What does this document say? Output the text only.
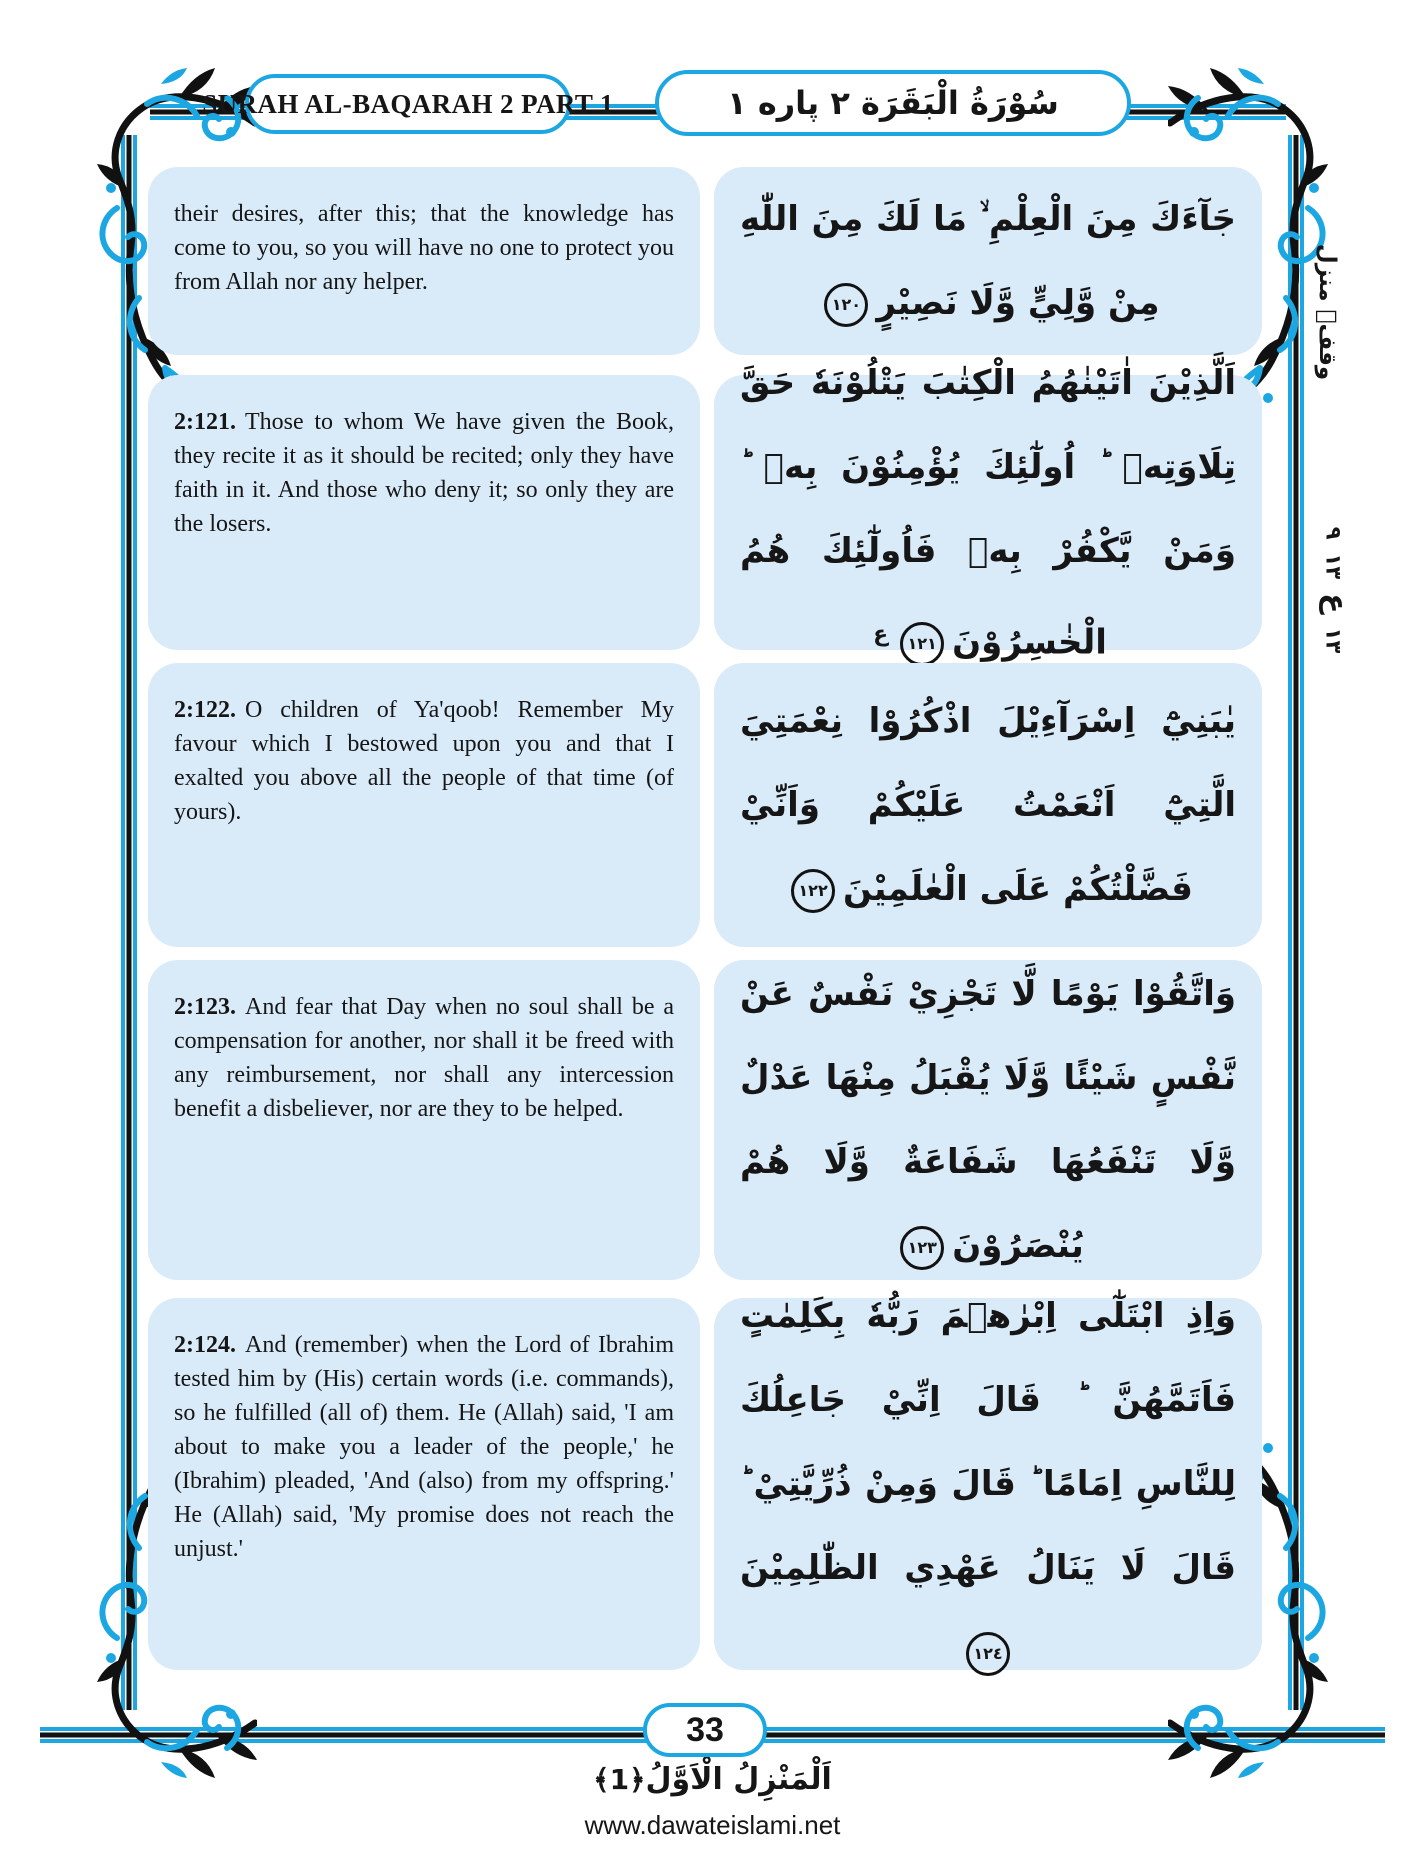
SURAH AL-BAQARAH 2 PART 1	سُوْرَةُ الْبَقَرَة ٢ پاره ١
their desires, after this; that the knowledge has come to you, so you will have no one to protect you from Allah nor any helper.
جَآءَكَ مِنَ الْعِلْمِ ۙ مَا لَكَ مِنَ اللّٰهِ مِنْ وَّلِيٍّ وَّلَا نَصِيْرٍ
١٢٠
2:121. Those to whom We have given the Book, they recite it as it should be recited; only they have faith in it. And those who deny it; so only they are the losers.
اَلَّذِيْنَ اٰتَيْنٰهُمُ الْكِتٰبَ يَتْلُوْنَهٗ حَقَّ تِلَاوَتِهٖ ؕ اُولٰٓئِكَ يُؤْمِنُوْنَ بِهٖ ؕ وَمَنْ يَّكْفُرْ بِهٖ فَاُولٰٓئِكَ هُمُ الْخٰسِرُوْنَ
١٢١
$^ع$
2:122. O children of Ya'qoob! Remember My favour which I bestowed upon you and that I exalted you above all the people of that time (of yours).
يٰبَنِيْٓ اِسْرَآءِيْلَ اذْكُرُوْا نِعْمَتِيَ الَّتِيْٓ اَنْعَمْتُ عَلَيْكُمْ وَاَنِّيْ فَضَّلْتُكُمْ عَلَى الْعٰلَمِيْنَ
١٢٢
2:123. And fear that Day when no soul shall be a compensation for another, nor shall it be freed with any reimbursement, nor shall any intercession benefit a disbeliever, nor are they to be helped.
وَاتَّقُوْا يَوْمًا لَّا تَجْزِيْ نَفْسٌ عَنْ نَّفْسٍ شَيْئًا وَّلَا يُقْبَلُ مِنْهَا عَدْلٌ وَّلَا تَنْفَعُهَا شَفَاعَةٌ وَّلَا هُمْ يُنْصَرُوْنَ
١٢٣
2:124. And (remember) when the Lord of Ibrahim tested him by (His) certain words (i.e. commands), so he fulfilled (all of) them. He (Allah) said, 'I am about to make you a leader of the people,' he (Ibrahim) pleaded, 'And (also) from my offspring.' He (Allah) said, 'My promise does not reach the unjust.'
وَاِذِ ابْتَلٰٓى اِبْرٰهٖمَ رَبُّهٗ بِكَلِمٰتٍ فَاَتَمَّهُنَّ ؕ قَالَ اِنِّيْ جَاعِلُكَ لِلنَّاسِ اِمَامًا ؕ قَالَ وَمِنْ ذُرِّيَّتِيْ ؕ قَالَ لَا يَنَالُ عَهْدِي الظّٰلِمِيْنَ
١٢٤
وقفۤ منزل
١٣ع٩١٣
33
اَلْمَنْزِلُ الْاَوَّلُ﴿1﴾
www.dawateislami.net
